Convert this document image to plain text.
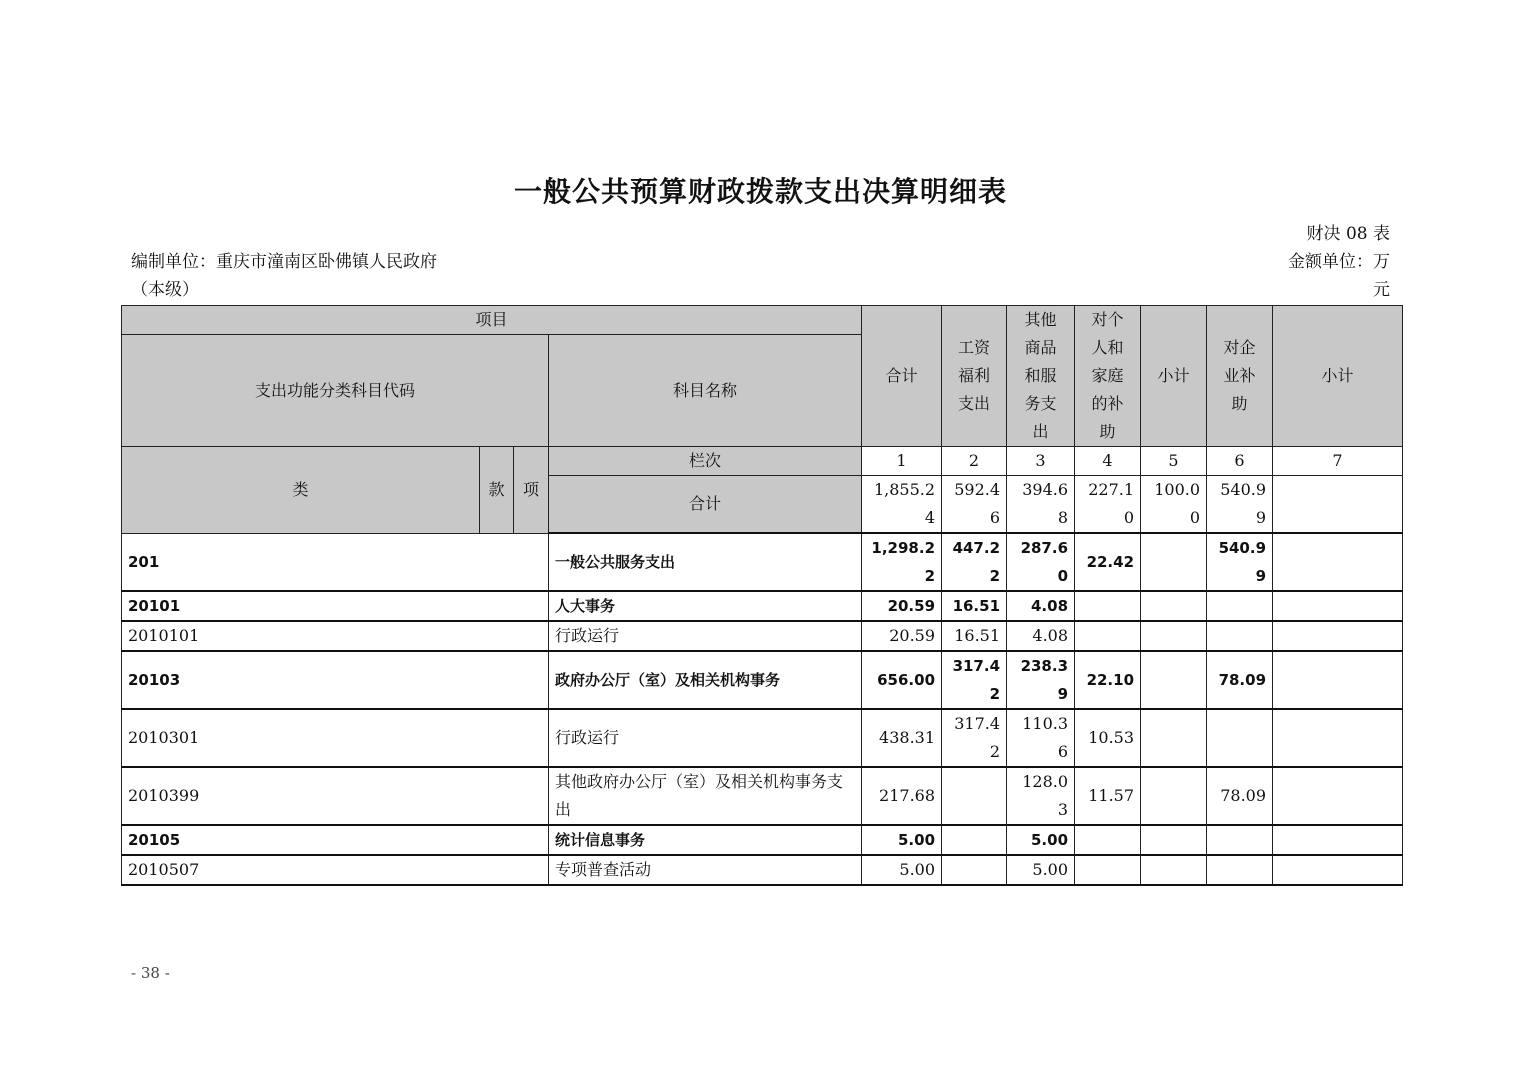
一般公共预算财政拨款支出决算明细表
财决 08 表
编制单位：重庆市潼南区卧佛镇人民政府
（本级）
金额单位：万
元
项目				合计	工资福利支出	其他商品和服务支出	对个人和家庭的补助	小计	对企业补助	小计
支出功能分类科目代码			科目名称							
类	款	项	栏次	1	2	3	4	5	6	7
			合计	1,855.24	592.46	394.68	227.10	100.00	540.99	
201			一般公共服务支出	1,298.22	447.22	287.60	22.42		540.99	
20101			人大事务	20.59	16.51	4.08				
2010101			行政运行	20.59	16.51	4.08				
20103			政府办公厅（室）及相关机构事务	656.00	317.42	238.39	22.10		78.09	
2010301			行政运行	438.31	317.42	110.36	10.53			
2010399			其他政府办公厅（室）及相关机构事务支出	217.68		128.03	11.57		78.09	
20105			统计信息事务	5.00		5.00				
2010507			专项普查活动	5.00		5.00				
- 38 -
